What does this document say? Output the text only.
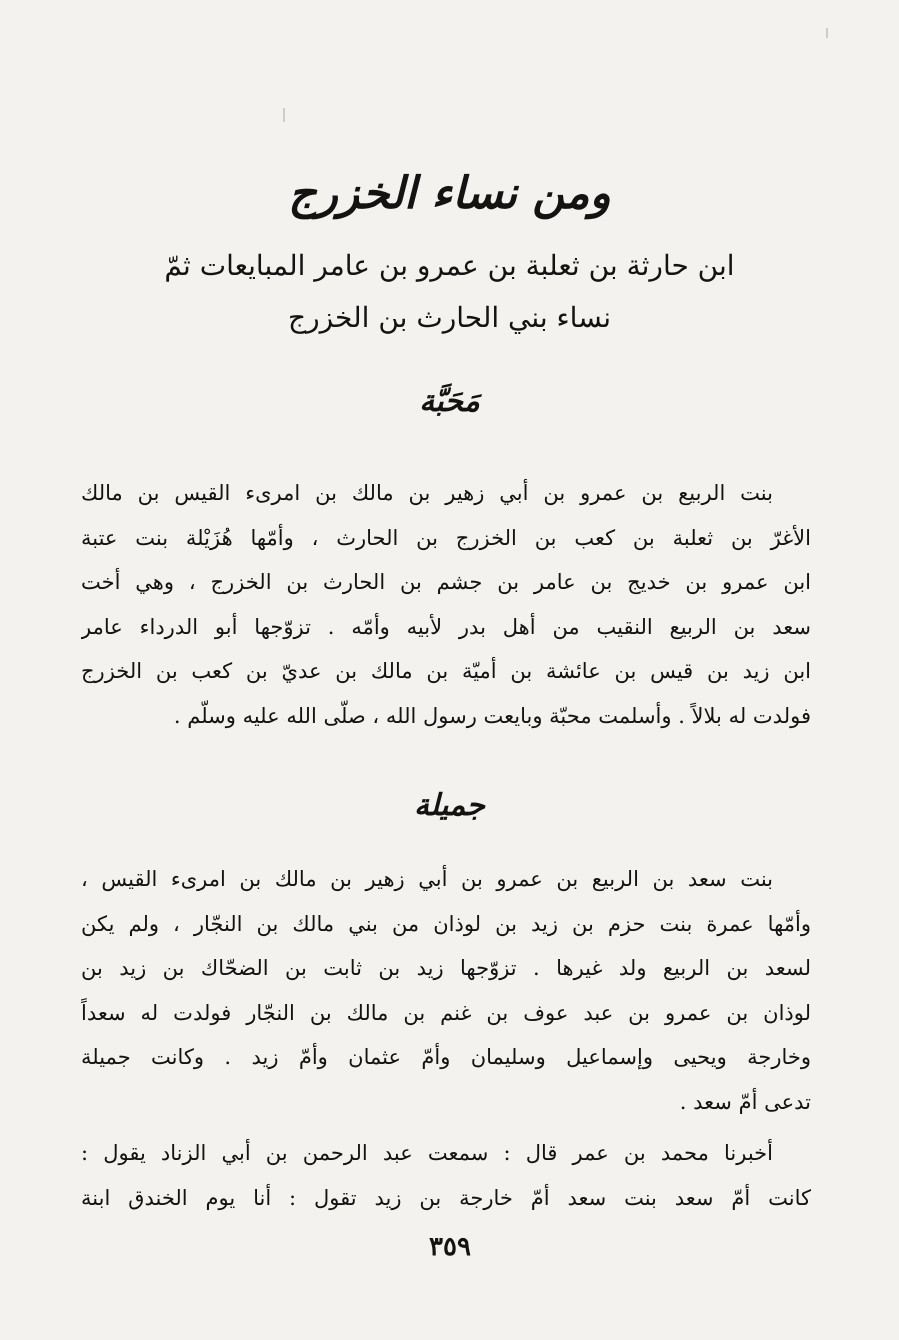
ومن نساء الخزرج
ابن حارثة بن ثعلبة بن عمرو بن عامر المبايعات ثمّ
نساء بني الحارث بن الخزرج
مَحَبَّة
بنت الربيع بن عمرو بن أبي زهير بن مالك بن امرىء القيس بن مالك
الأغرّ بن ثعلبة بن كعب بن الخزرج بن الحارث ، وأمّها هُزَيْلة بنت عتبة
ابن عمرو بن خديج بن عامر بن جشم بن الحارث بن الخزرج ، وهي أخت
سعد بن الربيع النقيب من أهل بدر لأبيه وأمّه . تزوّجها أبو الدرداء عامر
ابن زيد بن قيس بن عائشة بن أميّة بن مالك بن عديّ بن كعب بن الخزرج
فولدت له بلالاً . وأسلمت محبّة وبايعت رسول الله ، صلّى الله عليه وسلّم .
جميلة
بنت سعد بن الربيع بن عمرو بن أبي زهير بن مالك بن امرىء القيس ،
وأمّها عمرة بنت حزم بن زيد بن لوذان من بني مالك بن النجّار ، ولم يكن
لسعد بن الربيع ولد غيرها . تزوّجها زيد بن ثابت بن الضحّاك بن زيد بن
لوذان بن عمرو بن عبد عوف بن غنم بن مالك بن النجّار فولدت له سعداً
وخارجة ويحيى وإسماعيل وسليمان وأمّ عثمان وأمّ زيد . وكانت جميلة
تدعى أمّ سعد .
أخبرنا محمد بن عمر قال : سمعت عبد الرحمن بن أبي الزناد يقول :
كانت أمّ سعد بنت سعد أمّ خارجة بن زيد تقول : أنا يوم الخندق ابنة
٣٥٩
